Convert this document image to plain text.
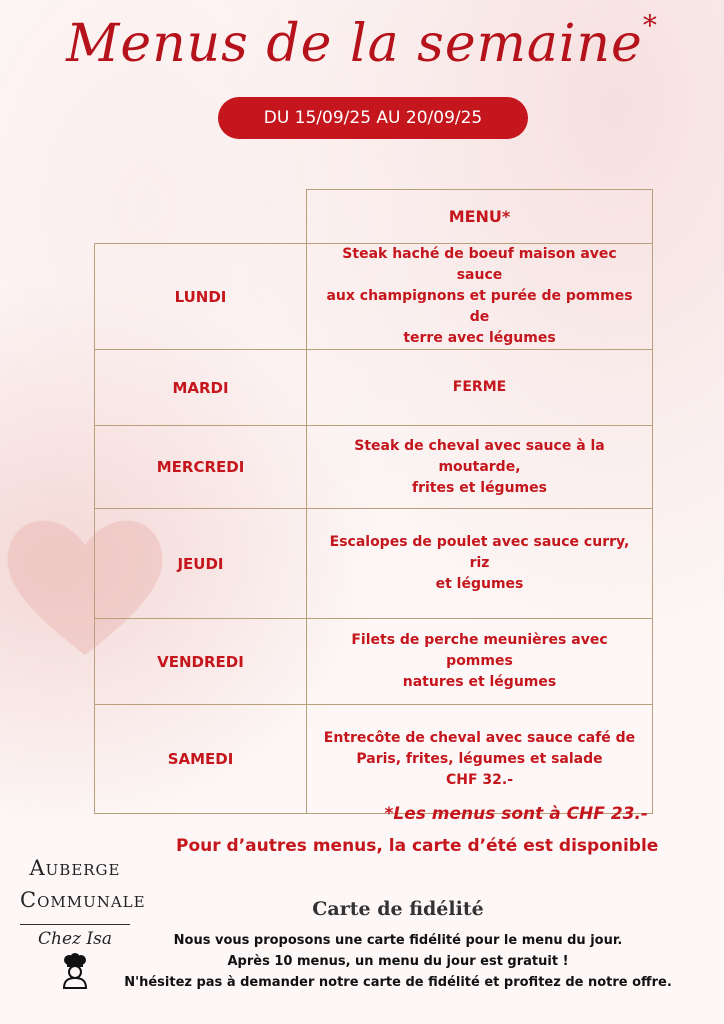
Menus de la semaine*
DU 15/09/25 AU 20/09/25
	MENU*
LUNDI	Steak haché de boeuf maison avec sauce
aux champignons et purée de pommes de
terre avec légumes

MARDI	FERME

MERCREDI	Steak de cheval avec sauce à la moutarde,
frites et légumes

JEUDI	Escalopes de poulet avec sauce curry, riz
et légumes

VENDREDI	Filets de perche meunières avec pommes
natures et légumes

SAMEDI	Entrecôte de cheval avec sauce café de
Paris, frites, légumes et salade
CHF 32.-
*Les menus sont à CHF 23.-
Pour d’autres menus, la carte d’été est disponible
Auberge
Communale
Chez Isa
Carte de fidélité
Nous vous proposons une carte fidélité pour le menu du jour.
Après 10 menus, un menu du jour est gratuit !
N'hésitez pas à demander notre carte de fidélité et profitez de notre offre.
